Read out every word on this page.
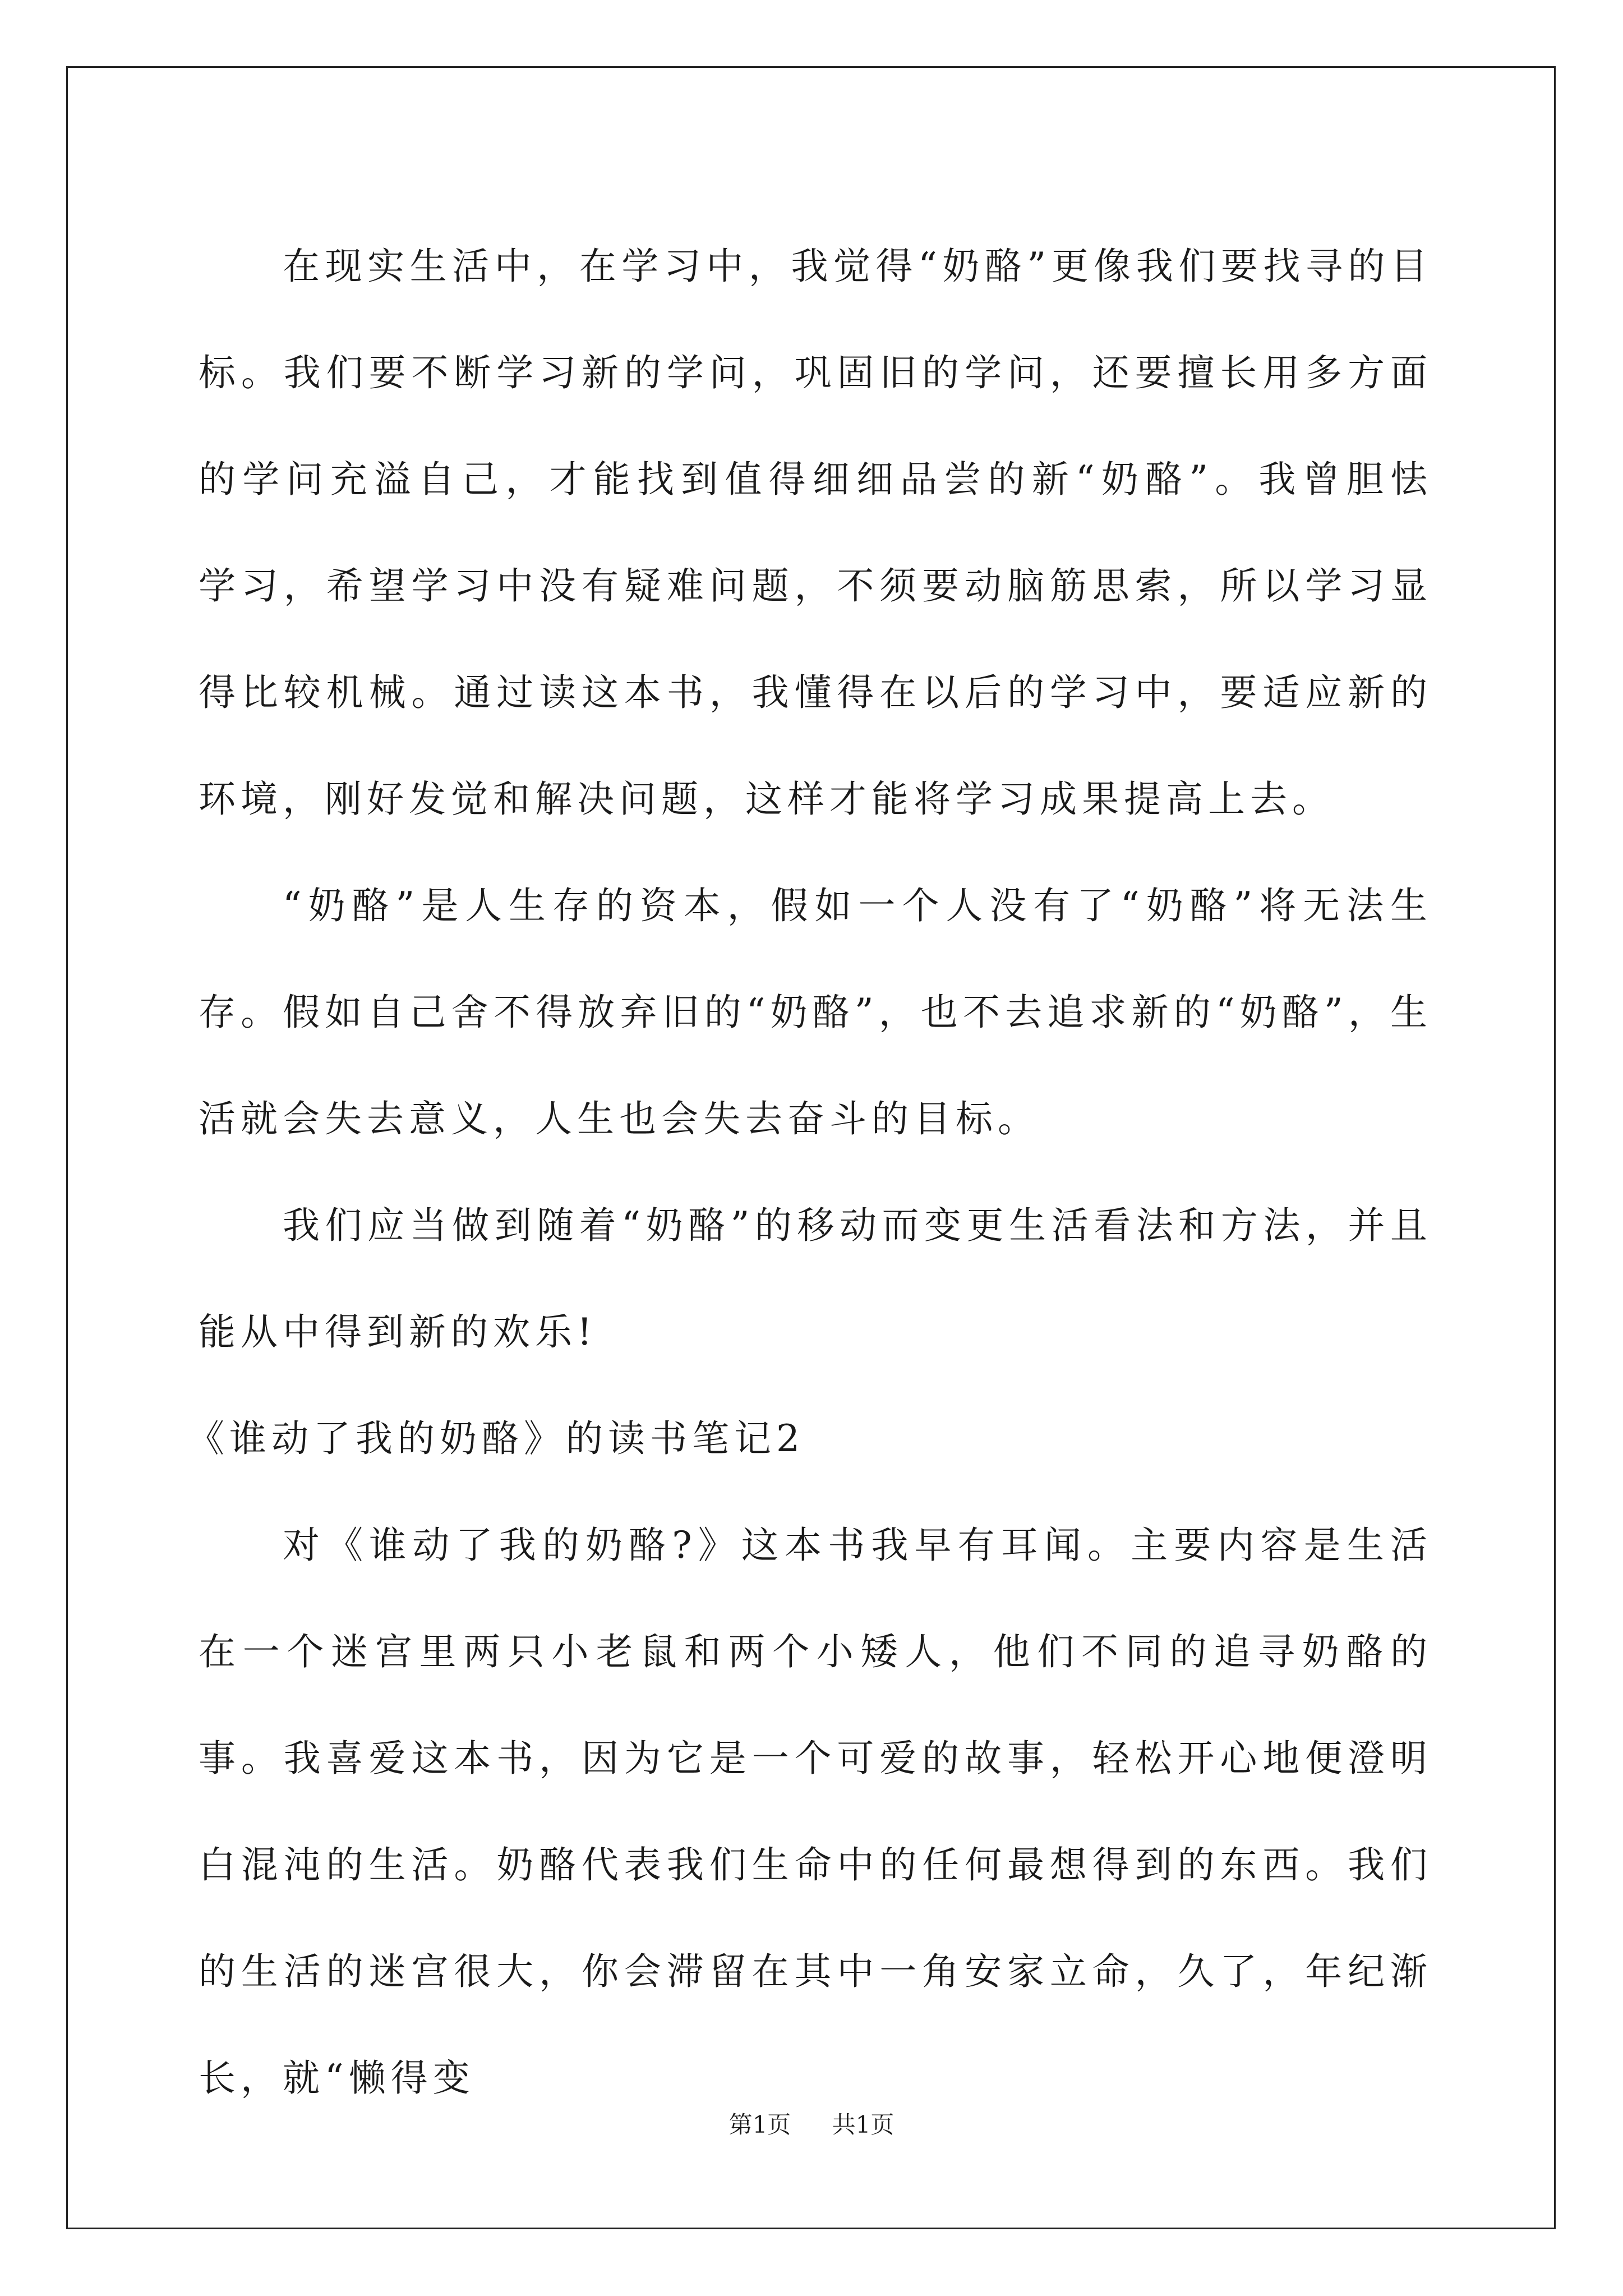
在现实生活中，在学习中，我觉得“奶酪”更像我们要找寻的目标。我们要不断学习新的学问，巩固旧的学问，还要擅长用多方面的学问充溢自己，才能找到值得细细品尝的新“奶酪”。我曾胆怯 学习，希望学习中没有疑难问题，不须要动脑筋思索，所以学习显得比较机械。通过读这本书，我懂得在以后的学习中，要适应新的环境，刚好发觉和解决问题，这样才能将学习成果提高上去。

“奶酪”是人生存的资本，假如一个人没有了“奶酪”将无法生存。假如自己舍不得放弃旧的“奶酪”，也不去追求新的“奶酪”，生活就会失去意义，人生也会失去奋斗的目标。

我们应当做到随着“奶酪”的移动而变更生活看法和方法，并且能从中得到新的欢乐!

《谁动了我的奶酪》的读书笔记2

对《谁动了我的奶酪?》这本书我早有耳闻。主要内容是生活在一个迷宫里两只小老鼠和两个小矮人，他们不同的追寻奶酪的事。我喜爱这本书，因为它是一个可爱的故事，轻松开心地便澄明白混沌的生活。奶酪代表我们生命中的任何最想得到的东西。我们的生活的迷宫很大，你会滞留在其中一角安家立命，久了，年纪渐长，就“懒得变

第1页 共1页
